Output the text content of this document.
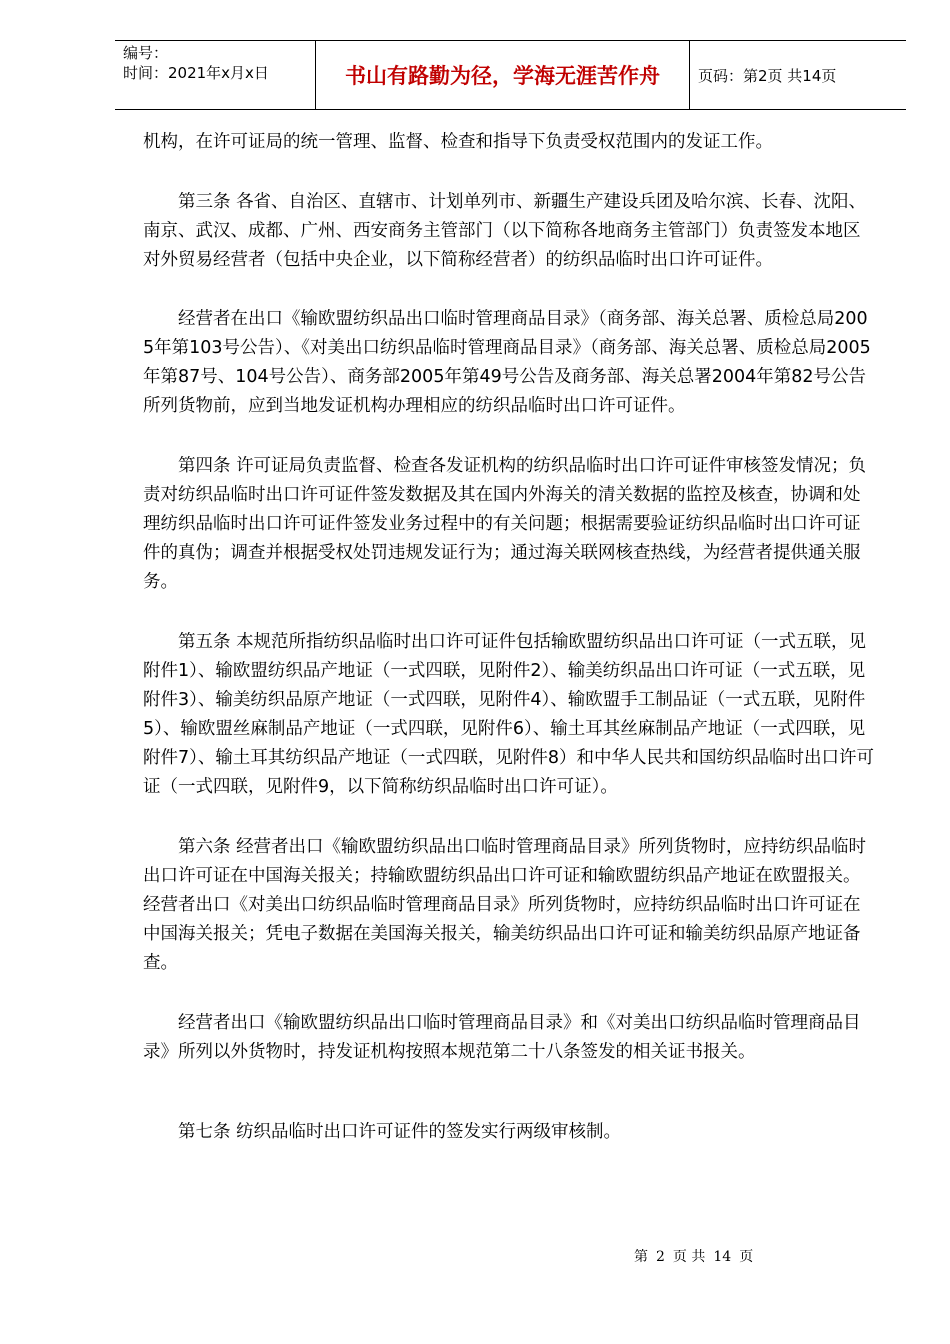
编号：
时间：2021年x月x日	书山有路勤为径，学海无涯苦作舟	页码：第2页 共14页

机构，在许可证局的统一管理、监督、检查和指导下负责受权范围内的发证工作。

第三条 各省、自治区、直辖市、计划单列市、新疆生产建设兵团及哈尔滨、长春、沈阳、南京、武汉、成都、广州、西安商务主管部门（以下简称各地商务主管部门）负责签发本地区对外贸易经营者（包括中央企业，以下简称经营者）的纺织品临时出口许可证件。

经营者在出口《输欧盟纺织品出口临时管理商品目录》（商务部、海关总署、质检总局2005年第103号公告）、《对美出口纺织品临时管理商品目录》（商务部、海关总署、质检总局2005年第87号、104号公告）、商务部2005年第49号公告及商务部、海关总署2004年第82号公告所列货物前，应到当地发证机构办理相应的纺织品临时出口许可证件。

第四条 许可证局负责监督、检查各发证机构的纺织品临时出口许可证件审核签发情况；负责对纺织品临时出口许可证件签发数据及其在国内外海关的清关数据的监控及核查，协调和处理纺织品临时出口许可证件签发业务过程中的有关问题；根据需要验证纺织品临时出口许可证件的真伪；调查并根据受权处罚违规发证行为；通过海关联网核查热线，为经营者提供通关服务。

第五条 本规范所指纺织品临时出口许可证件包括输欧盟纺织品出口许可证（一式五联，见附件1）、输欧盟纺织品产地证（一式四联，见附件2）、输美纺织品出口许可证（一式五联，见附件3）、输美纺织品原产地证（一式四联，见附件4）、输欧盟手工制品证（一式五联，见附件5）、输欧盟丝麻制品产地证（一式四联，见附件6）、输土耳其丝麻制品产地证（一式四联，见附件7）、输土耳其纺织品产地证（一式四联，见附件8）和中华人民共和国纺织品临时出口许可证（一式四联，见附件9，以下简称纺织品临时出口许可证）。

第六条 经营者出口《输欧盟纺织品出口临时管理商品目录》所列货物时，应持纺织品临时出口许可证在中国海关报关；持输欧盟纺织品出口许可证和输欧盟纺织品产地证在欧盟报关。经营者出口《对美出口纺织品临时管理商品目录》所列货物时，应持纺织品临时出口许可证在中国海关报关；凭电子数据在美国海关报关，输美纺织品出口许可证和输美纺织品原产地证备查。

经营者出口《输欧盟纺织品出口临时管理商品目录》和《对美出口纺织品临时管理商品目录》所列以外货物时，持发证机构按照本规范第二十八条签发的相关证书报关。

第七条 纺织品临时出口许可证件的签发实行两级审核制。

第 2 页 共 14 页
